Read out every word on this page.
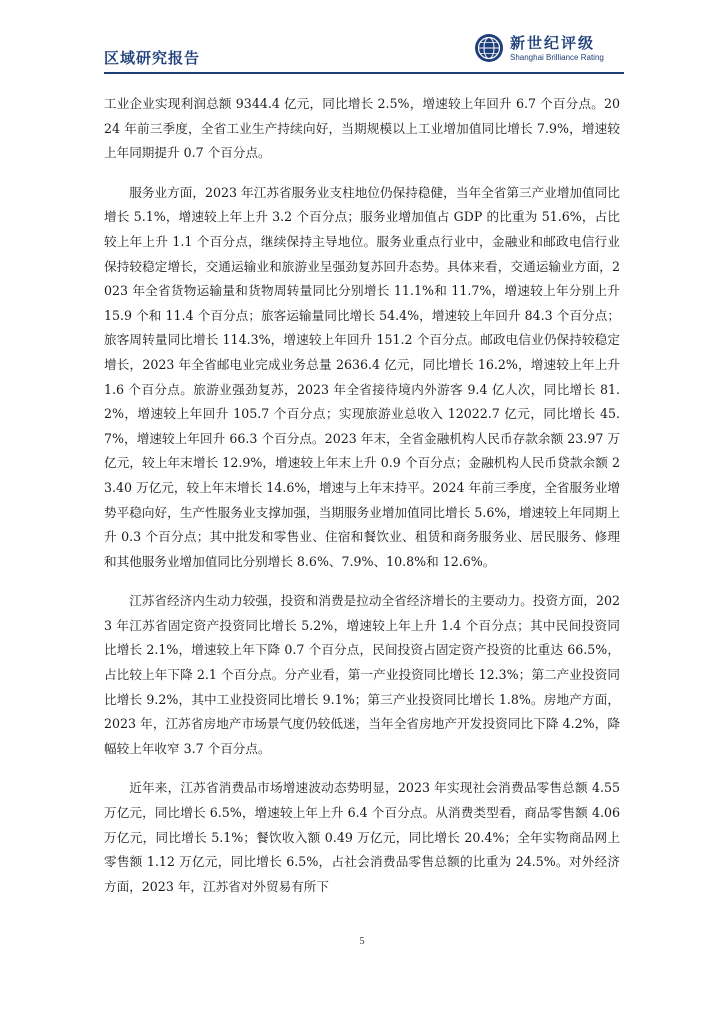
区域研究报告
新世纪评级
Shanghai Brilliance Rating

工业企业实现利润总额 9344.4 亿元，同比增长 2.5%，增速较上年回升 6.7 个百分点。2024 年前三季度，全省工业生产持续向好，当期规模以上工业增加值同比增长 7.9%，增速较上年同期提升 0.7 个百分点。

服务业方面，2023 年江苏省服务业支柱地位仍保持稳健，当年全省第三产业增加值同比增长 5.1%，增速较上年上升 3.2 个百分点；服务业增加值占 GDP 的比重为 51.6%，占比较上年上升 1.1 个百分点，继续保持主导地位。服务业重点行业中，金融业和邮政电信行业保持较稳定增长，交通运输业和旅游业呈强劲复苏回升态势。具体来看，交通运输业方面，2023 年全省货物运输量和货物周转量同比分别增长 11.1%和 11.7%，增速较上年分别上升 15.9 个和 11.4 个百分点；旅客运输量同比增长 54.4%，增速较上年回升 84.3 个百分点；旅客周转量同比增长 114.3%，增速较上年回升 151.2 个百分点。邮政电信业仍保持较稳定增长，2023 年全省邮电业完成业务总量 2636.4 亿元，同比增长 16.2%，增速较上年上升 1.6 个百分点。旅游业强劲复苏，2023 年全省接待境内外游客 9.4 亿人次，同比增长 81.2%，增速较上年回升 105.7 个百分点；实现旅游业总收入 12022.7 亿元，同比增长 45.7%，增速较上年回升 66.3 个百分点。2023 年末，全省金融机构人民币存款余额 23.97 万亿元，较上年末增长 12.9%，增速较上年末上升 0.9 个百分点；金融机构人民币贷款余额 23.40 万亿元，较上年末增长 14.6%，增速与上年末持平。2024 年前三季度，全省服务业增势平稳向好，生产性服务业支撑加强，当期服务业增加值同比增长 5.6%，增速较上年同期上升 0.3 个百分点；其中批发和零售业、住宿和餐饮业、租赁和商务服务业、居民服务、修理和其他服务业增加值同比分别增长 8.6%、7.9%、10.8%和 12.6%。

江苏省经济内生动力较强，投资和消费是拉动全省经济增长的主要动力。投资方面，2023 年江苏省固定资产投资同比增长 5.2%，增速较上年上升 1.4 个百分点；其中民间投资同比增长 2.1%，增速较上年下降 0.7 个百分点，民间投资占固定资产投资的比重达 66.5%，占比较上年下降 2.1 个百分点。分产业看，第一产业投资同比增长 12.3%；第二产业投资同比增长 9.2%，其中工业投资同比增长 9.1%；第三产业投资同比增长 1.8%。房地产方面，2023 年，江苏省房地产市场景气度仍较低迷，当年全省房地产开发投资同比下降 4.2%，降幅较上年收窄 3.7 个百分点。

近年来，江苏省消费品市场增速波动态势明显，2023 年实现社会消费品零售总额 4.55 万亿元，同比增长 6.5%，增速较上年上升 6.4 个百分点。从消费类型看，商品零售额 4.06 万亿元，同比增长 5.1%；餐饮收入额 0.49 万亿元，同比增长 20.4%；全年实物商品网上零售额 1.12 万亿元，同比增长 6.5%，占社会消费品零售总额的比重为 24.5%。对外经济方面，2023 年，江苏省对外贸易有所下

5
